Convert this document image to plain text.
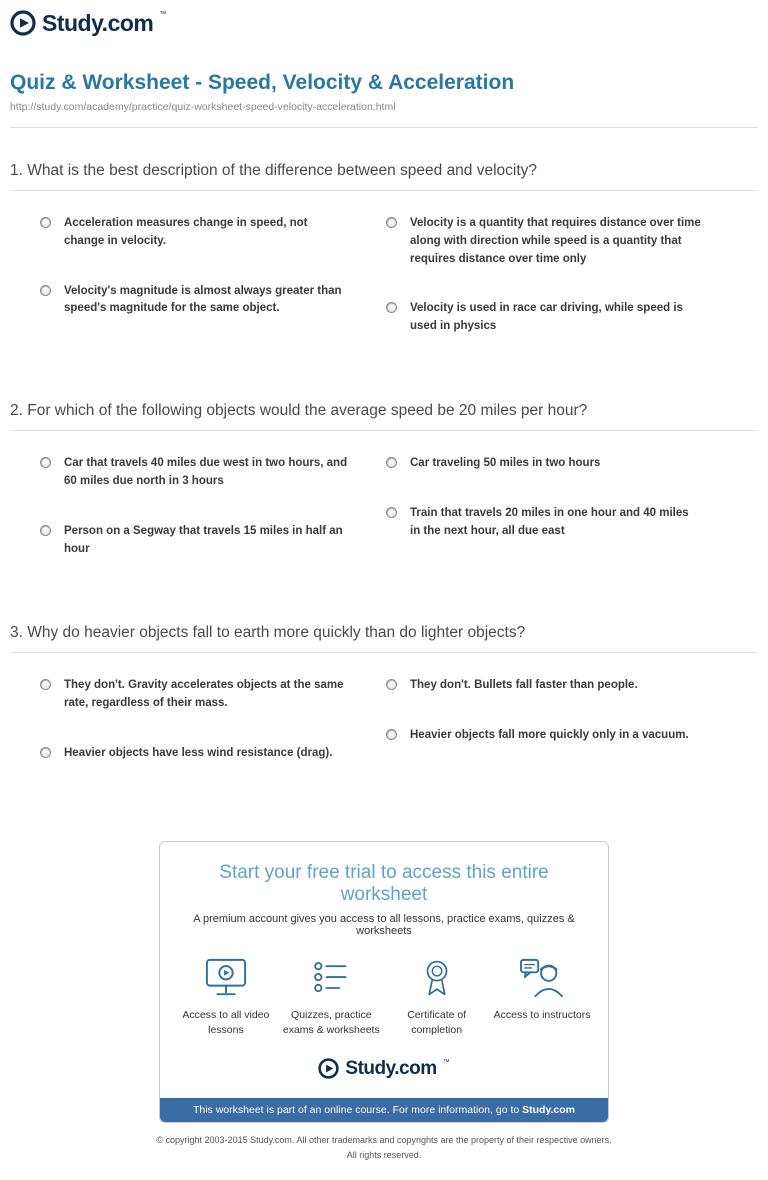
Study.com ™
Quiz & Worksheet - Speed, Velocity & Acceleration
http://study.com/academy/practice/quiz-worksheet-speed-velocity-acceleration.html
1. What is the best description of the difference between speed and velocity?
Acceleration measures change in speed, not change in velocity.
Velocity's magnitude is almost always greater than speed's magnitude for the same object.
Velocity is a quantity that requires distance over time along with direction while speed is a quantity that requires distance over time only
Velocity is used in race car driving, while speed is used in physics
2. For which of the following objects would the average speed be 20 miles per hour?
Car that travels 40 miles due west in two hours, and 60 miles due north in 3 hours
Person on a Segway that travels 15 miles in half an hour
Car traveling 50 miles in two hours
Train that travels 20 miles in one hour and 40 miles in the next hour, all due east
3. Why do heavier objects fall to earth more quickly than do lighter objects?
They don't. Gravity accelerates objects at the same rate, regardless of their mass.
Heavier objects have less wind resistance (drag).
They don't. Bullets fall faster than people.
Heavier objects fall more quickly only in a vacuum.
Start your free trial to access this entire worksheet
A premium account gives you access to all lessons, practice exams, quizzes & worksheets
Access to all video lessons
Quizzes, practice exams & worksheets
Certificate of completion
Access to instructors
Study.com ™
This worksheet is part of an online course. For more information, go to Study.com
© copyright 2003-2015 Study.com. All other trademarks and copyrights are the property of their respective owners.
All rights reserved.
